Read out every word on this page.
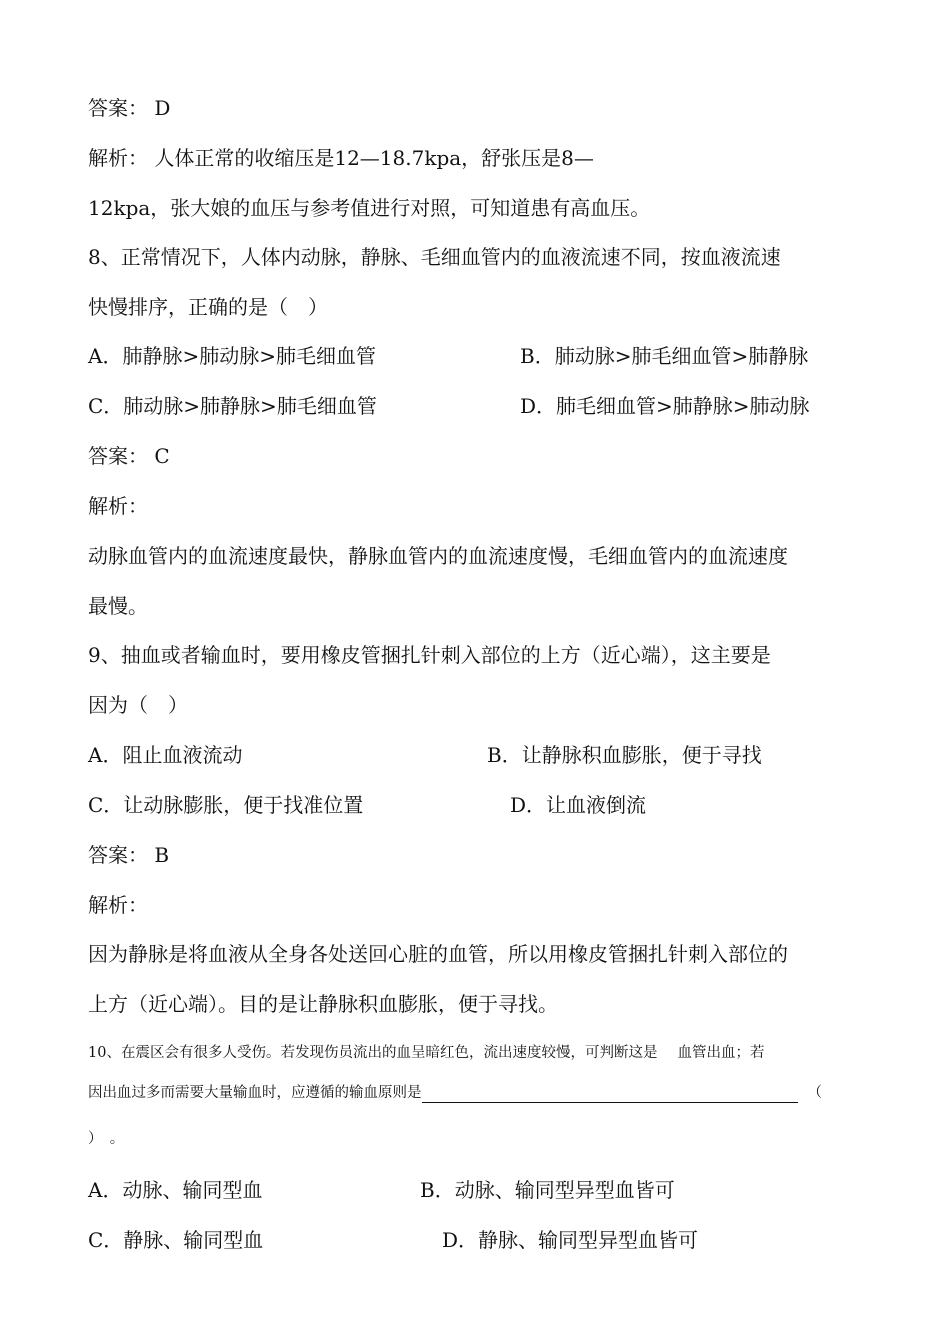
答案： D
解析： 人体正常的收缩压是12—18.7kpa，舒张压是8—
12kpa，张大娘的血压与参考值进行对照，可知道患有高血压。
8、正常情况下，人体内动脉，静脉、毛细血管内的血液流速不同，按血液流速
快慢排序，正确的是（　）
A．肺静脉>肺动脉>肺毛细血管	B．肺动脉>肺毛细血管>肺静脉
C．肺动脉>肺静脉>肺毛细血管	D．肺毛细血管>肺静脉>肺动脉
答案： C
解析：
动脉血管内的血流速度最快，静脉血管内的血流速度慢，毛细血管内的血流速度
最慢。
9、抽血或者输血时，要用橡皮管捆扎针刺入部位的上方（近心端），这主要是
因为（　）
A．阻止血液流动	B．让静脉积血膨胀，便于寻找
C．让动脉膨胀，便于找准位置	D．让血液倒流
答案： B
解析：
因为静脉是将血液从全身各处送回心脏的血管，所以用橡皮管捆扎针刺入部位的
上方（近心端）。目的是让静脉积血膨胀，便于寻找。
10、在震区会有很多人受伤。若发现伤员流出的血呈暗红色，流出速度较慢，可判断这是 血管出血；若
因出血过多而需要大量输血时，应遵循的输血原则是	（
）　。
A．动脉、输同型血	B．动脉、输同型异型血皆可
C．静脉、输同型血	D．静脉、输同型异型血皆可
